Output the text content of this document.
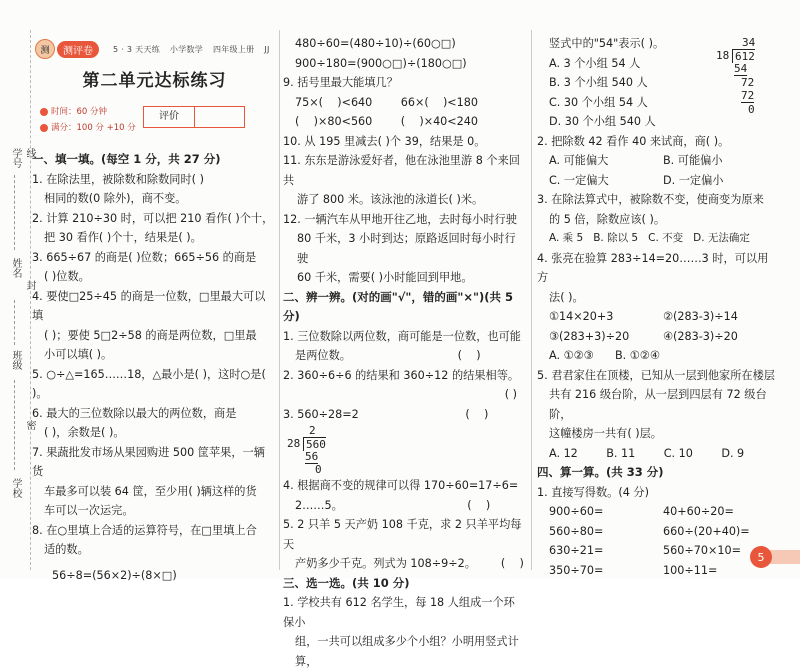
学号 线
姓名
封
班级
密
学校
测	测评卷	5 · 3 天天练 小学数学 四年级上册 JJ
第二单元达标练习
时间：60 分钟
满分：100 分 +10 分
评价
一、填一填。(每空 1 分，共 27 分)
1. 在除法里，被除数和除数同时( )
相同的数(0 除外)，商不变。
2. 计算 210÷30 时，可以把 210 看作( )个十，
把 30 看作( )个十，结果是( )。
3. 665÷67 的商是( )位数；665÷56 的商是
( )位数。
4. 要使□25÷45 的商是一位数，□里最大可以填
( )；要使 5□2÷58 的商是两位数，□里最
小可以填( )。
5. ○÷△=165……18，△最小是( )，这时○是( )。
6. 最大的三位数除以最大的两位数，商是
( )，余数是( )。
7. 果蔬批发市场从果园购进 500 筐苹果，一辆货
车最多可以装 64 筐，至少用( )辆这样的货
车可以一次运完。
8. 在○里填上合适的运算符号，在□里填上合
适的数。
56÷8=(56×2)÷(8×□)
480÷60=(480÷10)÷(60○□)
900÷180=(900○□)÷(180○□)
9. 括号里最大能填几？
75×(    )<640        66×(    )<180
(    )×80<560        (    )×40<240
10. 从 195 里减去( )个 39，结果是 0。
11. 东东是游泳爱好者，他在泳池里游 8 个来回共
游了 800 米。该泳池的泳道长( )米。
12. 一辆汽车从甲地开往乙地，去时每小时行驶
80 千米，3 小时到达；原路返回时每小时行驶
60 千米，需要( )小时能回到甲地。
二、辨一辨。(对的画"√"，错的画"×")(共 5 分)
1. 三位数除以两位数，商可能是一位数，也可能
是两位数。                              (    )
2. 360÷6÷6 的结果和 360÷12 的结果相等。
( )
3. 560÷28=2                              (    )
2
28 560
56
0
4. 根据商不变的规律可以得 170÷60=17÷6=
2……5。                                   (    )
5. 2 只羊 5 天产奶 108 千克，求 2 只羊平均每天
产奶多少千克。列式为 108÷9÷2。       (    )
三、选一选。(共 10 分)
1. 学校共有 612 名学生，每 18 人组成一个环保小
组，一共可以组成多少个小组？小明用竖式计算，
竖式中的"54"表示( )。
A. 3 个小组 54 人
B. 3 个小组 540 人
C. 30 个小组 54 人
D. 30 个小组 540 人
34
18 612
54
72
72
0
2. 把除数 42 看作 40 来试商，商( )。
A. 可能偏大	B. 可能偏小
C. 一定偏大	D. 一定偏小
3. 在除法算式中，被除数不变，使商变为原来
的 5 倍，除数应该( )。
A. 乘 5   B. 除以 5   C. 不变   D. 无法确定
4. 张亮在验算 283÷14=20……3 时，可以用方
法( )。
①14×20+3	②(283-3)÷14
③(283+3)÷20	④(283-3)÷20
A. ①②③      B. ①②④
5. 君君家住在顶楼，已知从一层到他家所在楼层
共有 216 级台阶，从一层到四层有 72 级台阶，
这幢楼房一共有( )层。
A. 12        B. 11        C. 10        D. 9
四、算一算。(共 33 分)
1. 直接写得数。(4 分)
900÷60=	40+60÷20=
560÷80=	660÷(20+40)=
630÷21=	560÷70×10=
350÷70=	100÷11=
5
